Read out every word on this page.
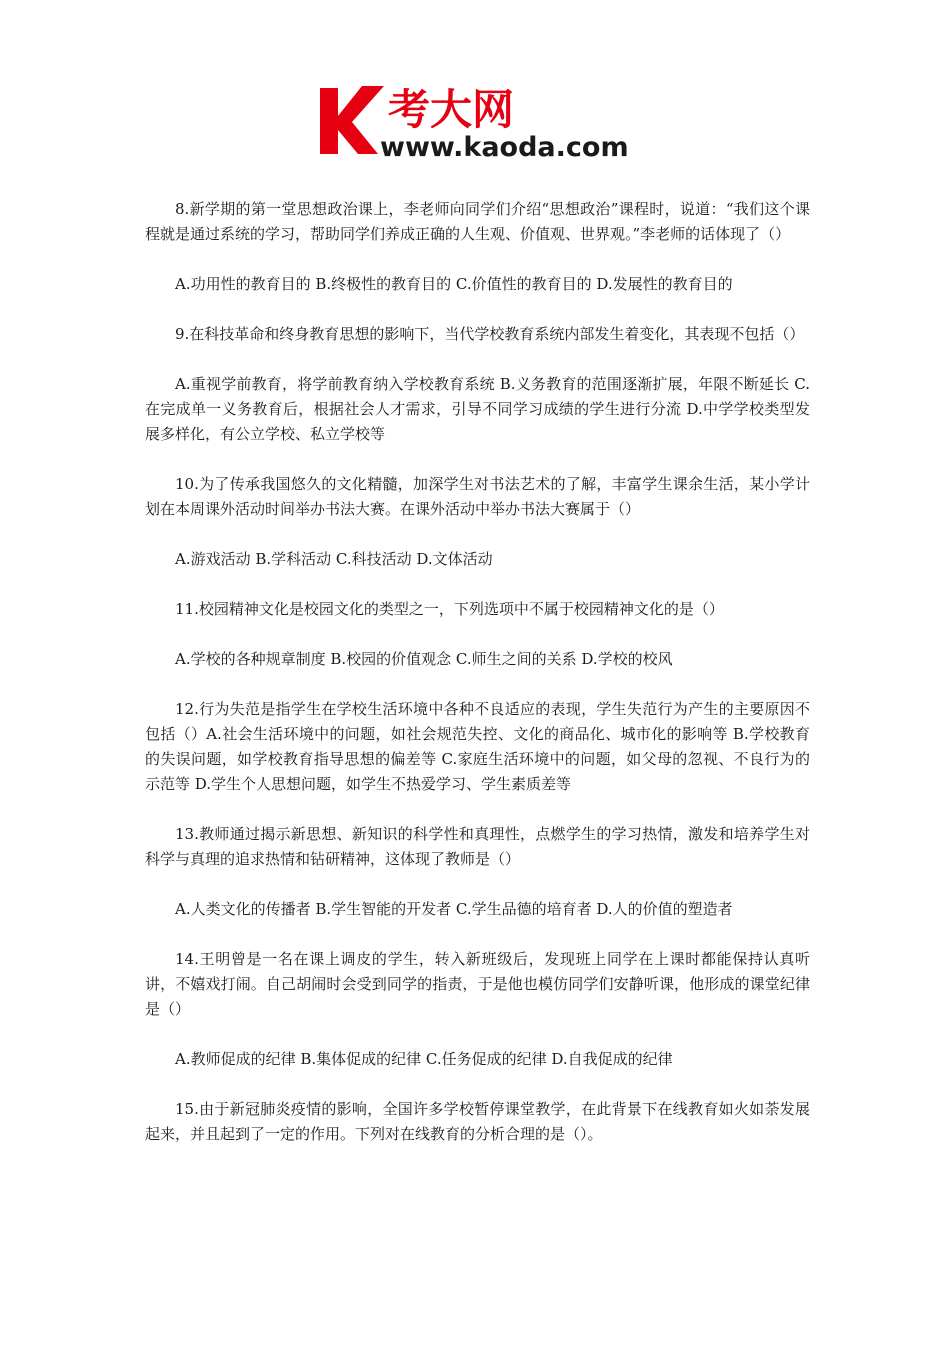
考大网
www.kaoda.com

8.新学期的第一堂思想政治课上，李老师向同学们介绍“思想政治”课程时，说道：“我们这个课程就是通过系统的学习，帮助同学们养成正确的人生观、价值观、世界观。”李老师的话体现了（）

A.功用性的教育目的 B.终极性的教育目的 C.价值性的教育目的 D.发展性的教育目的

9.在科技革命和终身教育思想的影响下，当代学校教育系统内部发生着变化，其表现不包括（）

A.重视学前教育，将学前教育纳入学校教育系统 B.义务教育的范围逐渐扩展，年限不断延长 C.在完成单一义务教育后，根据社会人才需求，引导不同学习成绩的学生进行分流 D.中学学校类型发展多样化，有公立学校、私立学校等

10.为了传承我国悠久的文化精髓，加深学生对书法艺术的了解，丰富学生课余生活，某小学计划在本周课外活动时间举办书法大赛。在课外活动中举办书法大赛属于（）

A.游戏活动 B.学科活动 C.科技活动 D.文体活动

11.校园精神文化是校园文化的类型之一，下列选项中不属于校园精神文化的是（）

A.学校的各种规章制度 B.校园的价值观念 C.师生之间的关系 D.学校的校风

12.行为失范是指学生在学校生活环境中各种不良适应的表现，学生失范行为产生的主要原因不包括（）A.社会生活环境中的问题，如社会规范失控、文化的商品化、城市化的影响等 B.学校教育的失误问题，如学校教育指导思想的偏差等 C.家庭生活环境中的问题，如父母的忽视、不良行为的示范等 D.学生个人思想问题，如学生不热爱学习、学生素质差等

13.教师通过揭示新思想、新知识的科学性和真理性，点燃学生的学习热情，激发和培养学生对科学与真理的追求热情和钻研精神，这体现了教师是（）

A.人类文化的传播者 B.学生智能的开发者 C.学生品德的培育者 D.人的价值的塑造者

14.王明曾是一名在课上调皮的学生，转入新班级后，发现班上同学在上课时都能保持认真听讲，不嬉戏打闹。自己胡闹时会受到同学的指责，于是他也模仿同学们安静听课，他形成的课堂纪律是（）

A.教师促成的纪律 B.集体促成的纪律 C.任务促成的纪律 D.自我促成的纪律

15.由于新冠肺炎疫情的影响，全国许多学校暂停课堂教学，在此背景下在线教育如火如荼发展起来，并且起到了一定的作用。下列对在线教育的分析合理的是（）。
